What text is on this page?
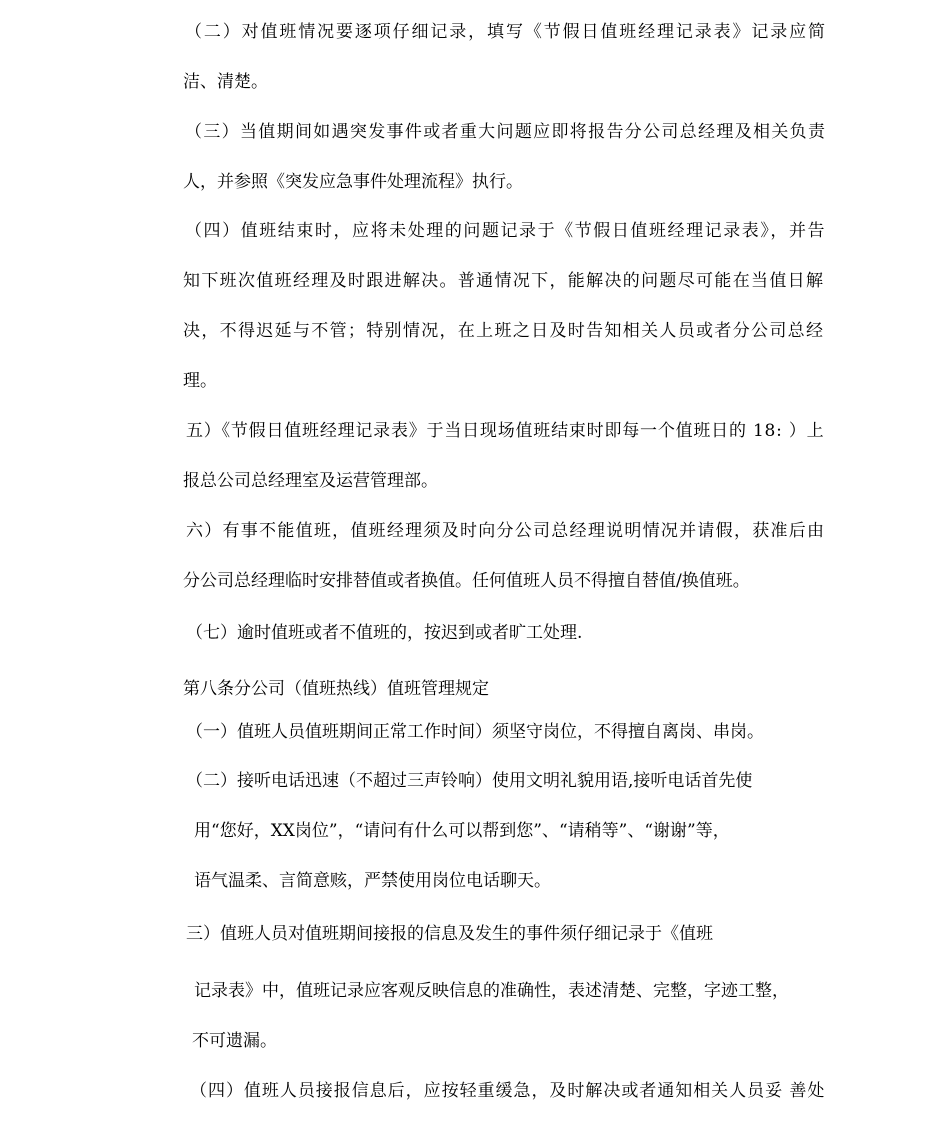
（二）对值班情况要逐项仔细记录，填写《节假日值班经理记录表》记录应简
洁、清楚。
（三）当值期间如遇突发事件或者重大问题应即将报告分公司总经理及相关负责
人，并参照《突发应急事件处理流程》执行。
（四）值班结束时，应将未处理的问题记录于《节假日值班经理记录表》，并告
知下班次值班经理及时跟进解决。普通情况下，能解决的问题尽可能在当值日解
决，不得迟延与不管；特别情况，在上班之日及时告知相关人员或者分公司总经
理。
五）《节假日值班经理记录表》于当日现场值班结束时即每一个值班日的 18: ）上
报总公司总经理室及运营管理部。
六）有事不能值班，值班经理须及时向分公司总经理说明情况并请假，获准后由
分公司总经理临时安排替值或者换值。任何值班人员不得擅自替值/换值班。
（七）逾时值班或者不值班的，按迟到或者旷工处理.
第八条分公司（值班热线）值班管理规定
（一）值班人员值班期间正常工作时间）须坚守岗位，不得擅自离岗、串岗。
（二）接听电话迅速（不超过三声铃响）使用文明礼貌用语,接听电话首先使
用“您好，XX岗位”，“请问有什么可以帮到您”、“请稍等”、“谢谢”等，
语气温柔、言简意赅，严禁使用岗位电话聊天。
三）值班人员对值班期间接报的信息及发生的事件须仔细记录于《值班
记录表》中，值班记录应客观反映信息的准确性，表述清楚、完整，字迹工整，
不可遗漏。
（四）值班人员接报信息后，应按轻重缓急，及时解决或者通知相关人员妥 善处
